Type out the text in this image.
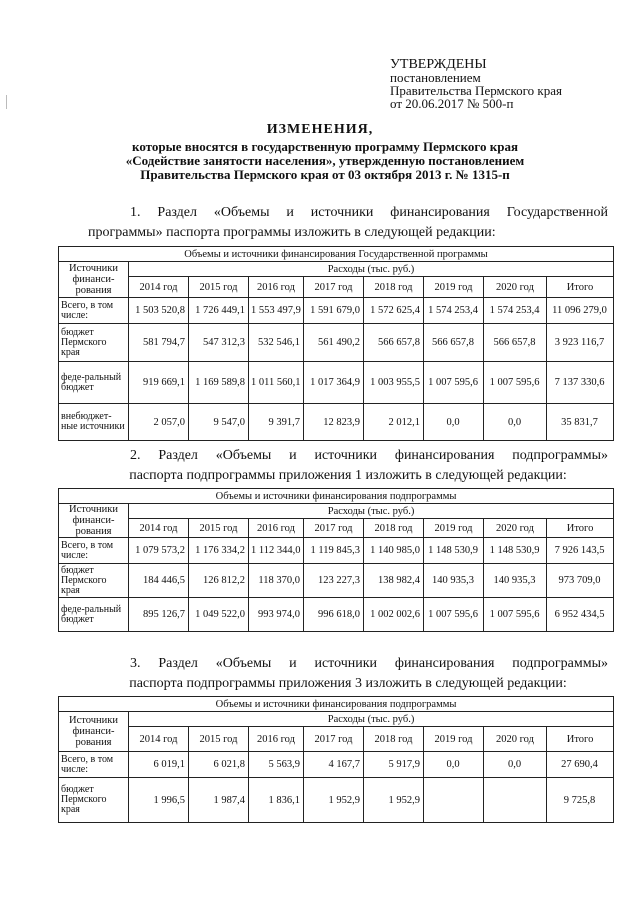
УТВЕРЖДЕНЫ
постановлением
Правительства Пермского края
от 20.06.2017 № 500-п
ИЗМЕНЕНИЯ,
которые вносятся в государственную программу Пермского края
«Содействие занятости населения», утвержденную постановлением
Правительства Пермского края от 03 октября 2013 г. № 1315-п
1. Раздел «Объемы и источники финансирования Государственной
программы» паспорта программы изложить в следующей редакции:
Объемы и источники финансирования Государственной программы								
Источники финанси-рования	Расходы (тыс. руб.)							
	2014 год	2015 год	2016 год	2017 год	2018 год	2019 год	2020 год	Итого
Всего, в том числе:	1 503 520,8	1 726 449,1	1 553 497,9	1 591 679,0	1 572 625,4	1 574 253,4	1 574 253,4	11 096 279,0
бюджет Пермского края	581 794,7	547 312,3	532 546,1	561 490,2	566 657,8	566 657,8	566 657,8	3 923 116,7
феде-ральный бюджет	919 669,1	1 169 589,8	1 011 560,1	1 017 364,9	1 003 955,5	1 007 595,6	1 007 595,6	7 137 330,6
внебюджет-ные источники	2 057,0	9 547,0	9 391,7	12 823,9	2 012,1	0,0	0,0	35 831,7
2. Раздел «Объемы и источники финансирования подпрограммы»
паспорта подпрограммы приложения 1 изложить в следующей редакции:
Объемы и источники финансирования подпрограммы								
Источники финанси-рования	Расходы (тыс. руб.)							
	2014 год	2015 год	2016 год	2017 год	2018 год	2019 год	2020 год	Итого
Всего, в том числе:	1 079 573,2	1 176 334,2	1 112 344,0	1 119 845,3	1 140 985,0	1 148 530,9	1 148 530,9	7 926 143,5
бюджет Пермского края	184 446,5	126 812,2	118 370,0	123 227,3	138 982,4	140 935,3	140 935,3	973 709,0
феде-ральный бюджет	895 126,7	1 049 522,0	993 974,0	996 618,0	1 002 002,6	1 007 595,6	1 007 595,6	6 952 434,5
3. Раздел «Объемы и источники финансирования подпрограммы»
паспорта подпрограммы приложения 3 изложить в следующей редакции:
Объемы и источники финансирования подпрограммы								
Источники финанси-рования	Расходы (тыс. руб.)							
	2014 год	2015 год	2016 год	2017 год	2018 год	2019 год	2020 год	Итого
Всего, в том числе:	6 019,1	6 021,8	5 563,9	4 167,7	5 917,9	0,0	0,0	27 690,4
бюджет Пермского края	1 996,5	1 987,4	1 836,1	1 952,9	1 952,9			9 725,8
